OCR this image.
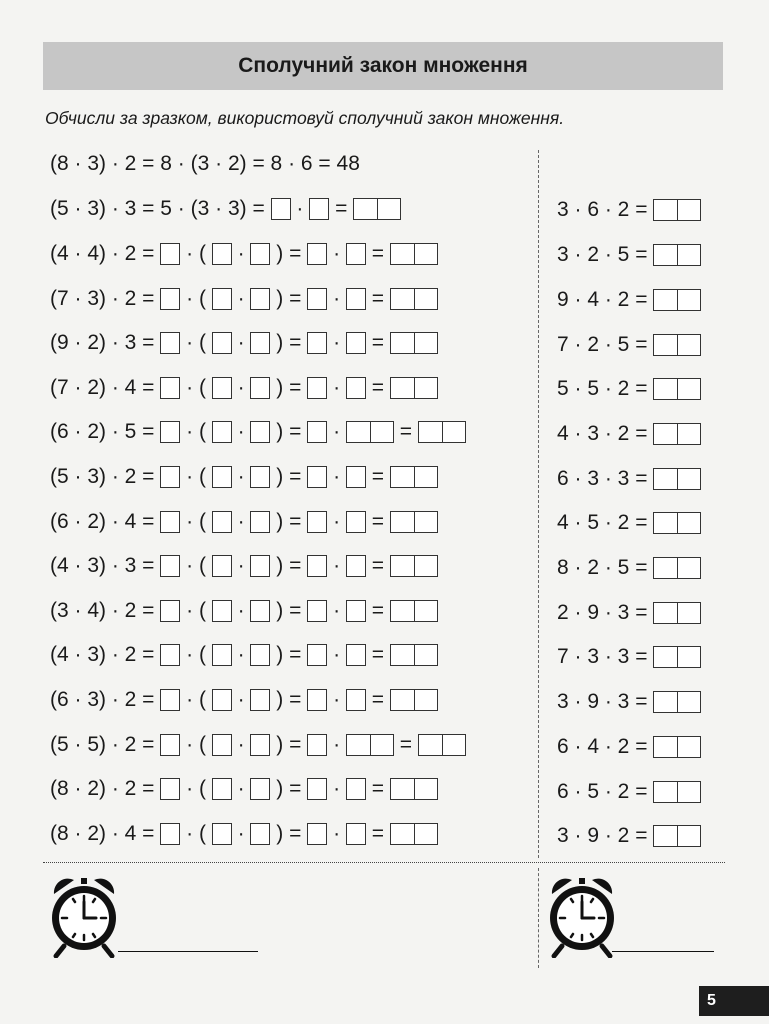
Сполучний закон множення
Обчисли за зразком, використовуй сполучний закон множення.
(8 · 3) · 2 = 8 · (3 · 2) = 8 · 6 = 48
(5 · 3) · 3 = 5 · (3 · 3) =  ·  =
(4 · 4) · 2 =  · (  ·  ) =  ·  =
(7 · 3) · 2 =  · (  ·  ) =  ·  =
(9 · 2) · 3 =  · (  ·  ) =  ·  =
(7 · 2) · 4 =  · (  ·  ) =  ·  =
(6 · 2) · 5 =  · (  ·  ) =  ·
=
(5 · 3) · 2 =  · (  ·  ) =  ·  =
(6 · 2) · 4 =  · (  ·  ) =  ·  =
(4 · 3) · 3 =  · (  ·  ) =  ·  =
(3 · 4) · 2 =  · (  ·  ) =  ·  =
(4 · 3) · 2 =  · (  ·  ) =  ·  =
(6 · 3) · 2 =  · (  ·  ) =  ·  =
(5 · 5) · 2 =  · (  ·  ) =  ·
=
(8 · 2) · 2 =  · (  ·  ) =  ·  =
(8 · 2) · 4 =  · (  ·  ) =  ·  =
3 · 6 · 2 =
3 · 2 · 5 =
9 · 4 · 2 =
7 · 2 · 5 =
5 · 5 · 2 =
4 · 3 · 2 =
6 · 3 · 3 =
4 · 5 · 2 =
8 · 2 · 5 =
2 · 9 · 3 =
7 · 3 · 3 =
3 · 9 · 3 =
6 · 4 · 2 =
6 · 5 · 2 =
3 · 9 · 2 =
5
